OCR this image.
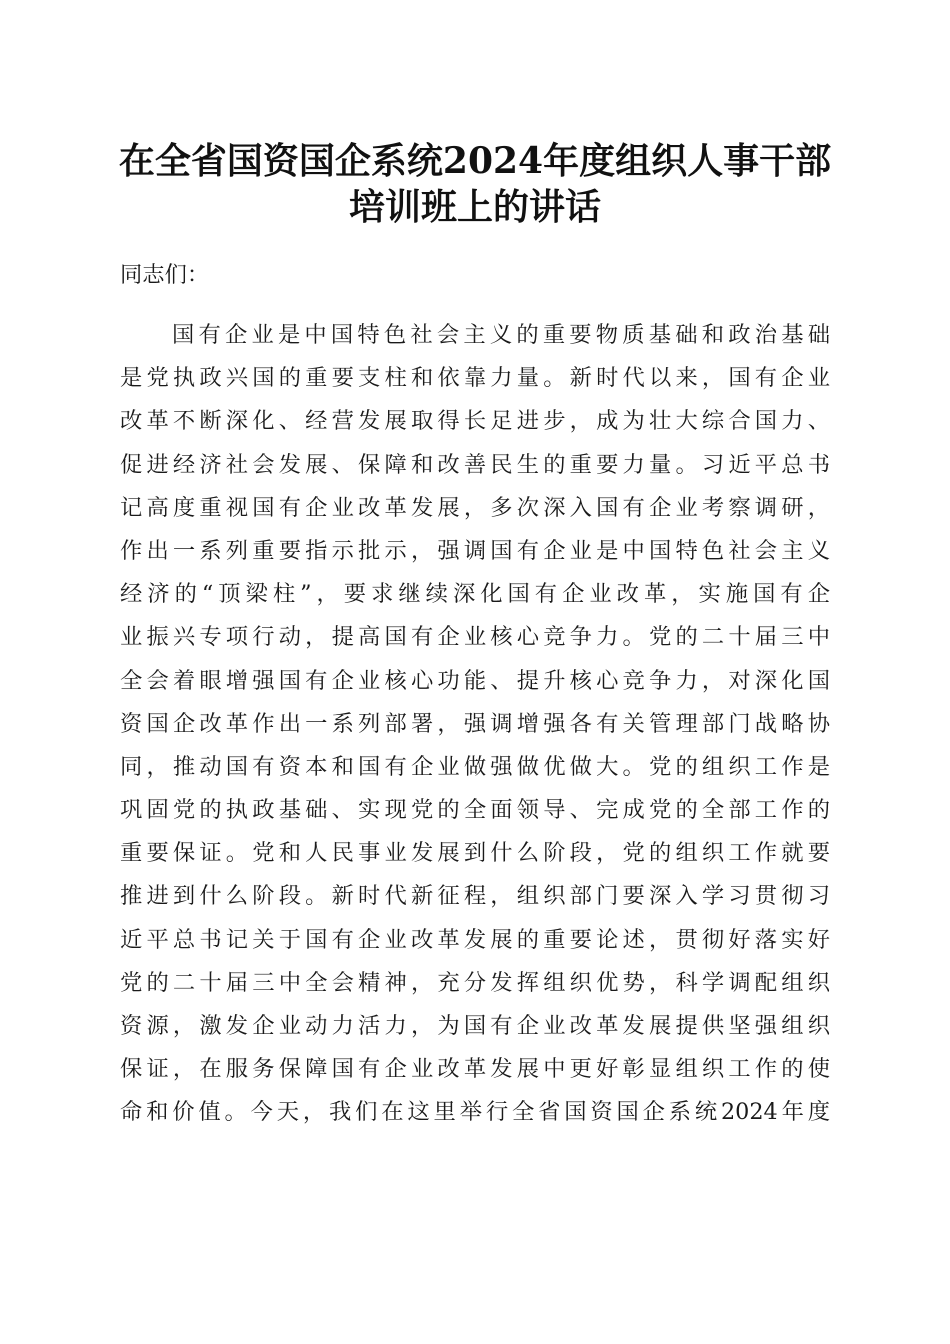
在全省国资国企系统2024年度组织人事干部
培训班上的讲话

同志们：

国有企业是中国特色社会主义的重要物质基础和政治基础
是党执政兴国的重要支柱和依靠力量。新时代以来，国有企业
改革不断深化、经营发展取得长足进步，成为壮大综合国力、
促进经济社会发展、保障和改善民生的重要力量。习近平总书
记高度重视国有企业改革发展，多次深入国有企业考察调研，
作出一系列重要指示批示，强调国有企业是中国特色社会主义
经济的“顶梁柱”，要求继续深化国有企业改革，实施国有企
业振兴专项行动，提高国有企业核心竞争力。党的二十届三中
全会着眼增强国有企业核心功能、提升核心竞争力，对深化国
资国企改革作出一系列部署，强调增强各有关管理部门战略协
同，推动国有资本和国有企业做强做优做大。党的组织工作是
巩固党的执政基础、实现党的全面领导、完成党的全部工作的
重要保证。党和人民事业发展到什么阶段，党的组织工作就要
推进到什么阶段。新时代新征程，组织部门要深入学习贯彻习
近平总书记关于国有企业改革发展的重要论述，贯彻好落实好
党的二十届三中全会精神，充分发挥组织优势，科学调配组织
资源，激发企业动力活力，为国有企业改革发展提供坚强组织
保证，在服务保障国有企业改革发展中更好彰显组织工作的使
命和价值。今天，我们在这里举行全省国资国企系统2024年度
